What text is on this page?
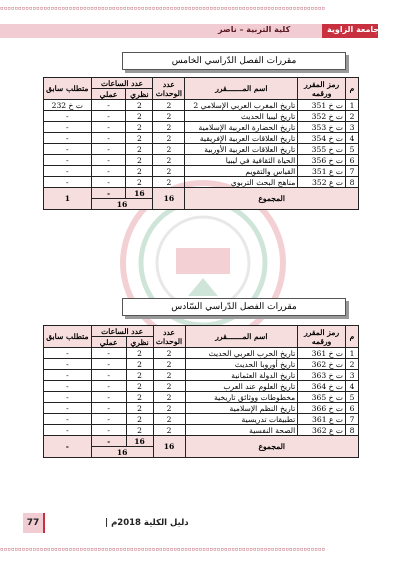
▫▫▫▫▫▫▫▫▫▫▫▫▫▫▫▫▫▫▫▫▫▫▫▫▫▫▫▫▫▫▫▫▫▫▫▫▫▫▫▫▫▫▫▫▫▫▫▫▫▫▫▫▫▫▫▫▫▫▫▫▫▫▫▫▫▫▫▫▫▫▫▫▫▫▫▫▫▫▫▫▫▫▫▫▫▫▫▫▫▫
▫▫▫▫▫▫▫▫▫▫▫▫▫▫▫▫▫▫▫▫▫▫▫▫▫▫▫▫▫▫▫▫▫▫▫▫▫▫▫▫▫▫▫▫▫▫▫▫▫▫▫▫▫▫▫▫▫▫▫▫▫▫▫▫▫▫▫▫▫▫▫▫▫▫▫▫▫▫▫▫▫▫▫▫▫▫▫▫▫▫
كلية التربية – ناصر	جامعة الزاوية
مقررات الفصل الدّراسي الخامس
م	رمز المقرر ورقمه	اسم المـــــــقرر	عدد الوحدات	عدد الساعات		متطلب سابق
				نظري	عملي	
1	ت خ 351	تاريخ المغرب العربي الإسلامي 2	2	2	-	ت خ 232
2	ت خ 352	تاريخ ليبيا الحديث	2	2	-	-
3	ت خ 353	تاريخ الحضارة العربية الإسلامية	2	2	-	-
4	ت خ 354	تاريخ العلاقات العربية الإفريقية	2	2	-	-
5	ت خ 355	تاريخ العلاقات العربية الأوربية	2	2	-	-
6	ت خ 356	الحياة الثقافية في ليبيا	2	2	-	-
7	ت ع 351	القياس والتقويم	2	2	-	-
8	ت ع 352	مناهج البحث التربوي	2	2	-	-
المجموع			16	16	-	1
				16		
مقررات الفصل الدّراسي السّادس
م	رمز المقرر ورقمه	اسم المـــــــقرر	عدد الوحدات	عدد الساعات		متطلب سابق
				نظري	عملي	
1	ت خ 361	تاريخ الحرب العربي الحديث	2	2	-	-
2	ت خ 362	تاريخ أوروبا الحديث	2	2	-	-
3	ت خ 363	تاريخ الدولة العثمانية	2	2	-	-
4	ت خ 364	تاريخ العلوم عند العرب	2	2	-	-
5	ت خ 365	مخطوطات ووثائق تاريخية	2	2	-	-
6	ت خ 366	تاريخ النظم الإسلامية	2	2	-	-
7	ت ع 361	تطبيقات تدريسية	2	2	-	-
8	ت ع 362	الصحة النفسية	2	2	-	-
المجموع			16	16	-	-
				16		
77	دليل الكلية 2018م |
